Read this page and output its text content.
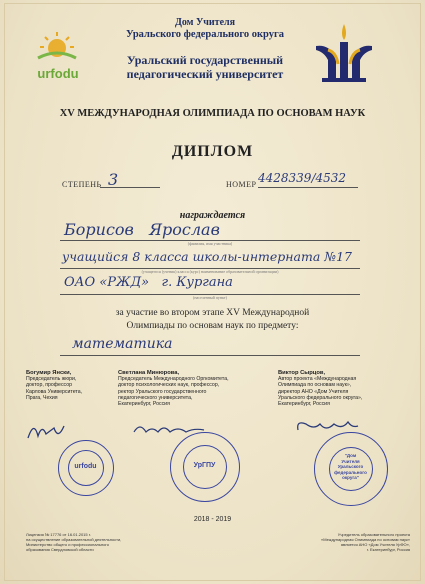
urfodu
Дом Учителя
Уральского федерального округа
Уральский государственный
педагогический университет
XV МЕЖДУНАРОДНАЯ ОЛИМПИАДА ПО ОСНОВАМ НАУК
ДИПЛОМ
СТЕПЕНЬ 3	НОМЕР 4428339/4532
награждается
Борисов   Ярослав
(фамилия, имя участника)
учащийся 8 класса школы-интерната №17
(учащегося (ученик) класса (курс) наименование образовательной организации)
ОАО «РЖД»   г. Кургана
(населенный пункт)
за участие во втором этапе XV Международной
Олимпиады по основам наук по предмету:
математика
Богумир Янски,
Председатель жюри,
доктор, профессор
Карлова Университета,
Прага, Чехия
Светлана Минюрова,
Председатель Международного Оргкомитета,
доктор психологических наук, профессор,
ректор Уральского государственного
педагогического университета,
Екатеринбург, Россия
Виктор Сырцов,
Автор проекта «Международная
Олимпиада по основам наук»,
директор АНО «Дом Учителя
Уральского федерального округа»,
Екатеринбург, Россия
urfodu	УрГПУ
"Дом
Учителя
Уральского
федерального
округа"
2018 - 2019
Лицензия № 17776 от 16.01.2015 г.
на осуществление образовательной деятельности,
Министерство общего и профессионального
образования Свердловской области
Учредитель образовательного проекта
«Международная Олимпиада по основам наук»
является АНО «Дом Учителя УрФО»,
г. Екатеринбург, Россия
